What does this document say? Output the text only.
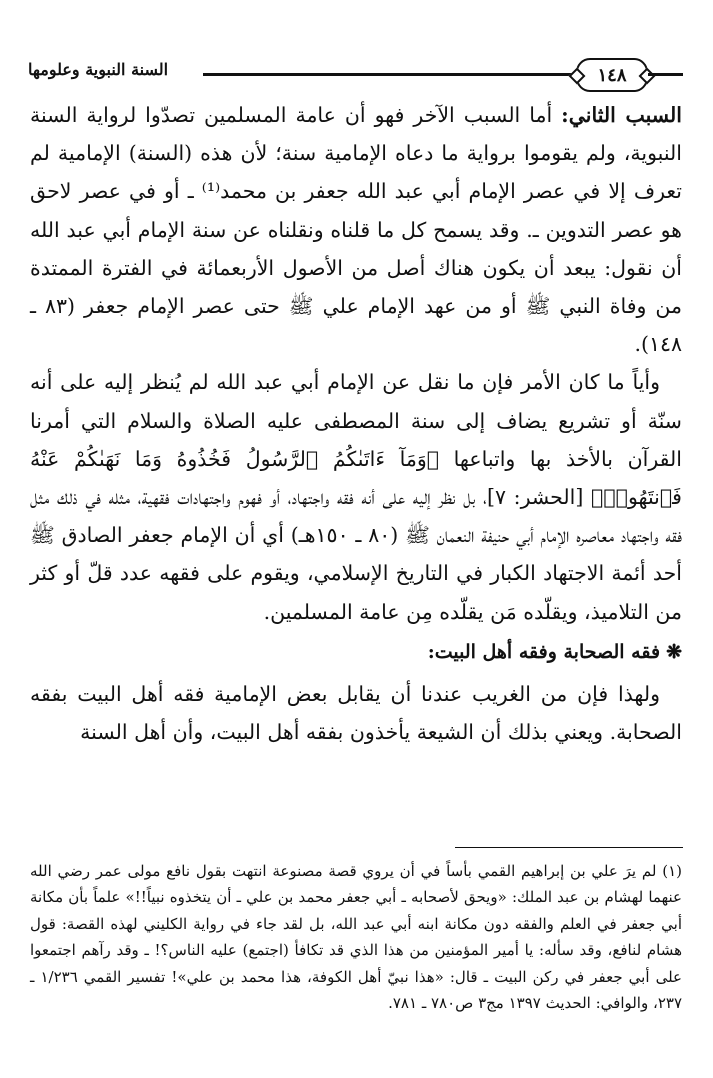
السنة النبوية وعلومها	١٤٨

السبب الثاني: أما السبب الآخر فهو أن عامة المسلمين تصدّوا لرواية السنة النبوية، ولم يقوموا برواية ما دعاه الإمامية سنة؛ لأن هذه (السنة) الإمامية لم تعرف إلا في عصر الإمام أبي عبد الله جعفر بن محمد⁽¹⁾ ـ أو في عصر لاحق هو عصر التدوين ـ. وقد يسمح كل ما قلناه ونقلناه عن سنة الإمام أبي عبد الله أن نقول: يبعد أن يكون هناك أصل من الأصول الأربعمائة في الفترة الممتدة من وفاة النبي ﷺ أو من عهد الإمام علي ﷺ حتى عصر الإمام جعفر (٨٣ ـ ١٤٨).

وأياً ما كان الأمر فإن ما نقل عن الإمام أبي عبد الله لم يُنظر إليه على أنه سنّة أو تشريع يضاف إلى سنة المصطفى عليه الصلاة والسلام التي أمرنا القرآن بالأخذ بها واتباعها ﴿وَمَآ ءَاتَىٰكُمُ ٱلرَّسُولُ فَخُذُوهُ وَمَا نَهَىٰكُمْ عَنْهُ فَٱنتَهُوا۟﴾ [الحشر: ٧]، بل نظر إليه على أنه فقه واجتهاد، أو فهوم واجتهادات فقهية، مثله في ذلك مثل فقه واجتهاد معاصره الإمام أبي حنيفة النعمان ﷺ (٨٠ ـ ١٥٠هـ) أي أن الإمام جعفر الصادق ﷺ أحد أئمة الاجتهاد الكبار في التاريخ الإسلامي، ويقوم على فقهه عدد قلّ أو كثر من التلاميذ، ويقلّده مَن يقلّده مِن عامة المسلمين.

❋فقه الصحابة وفقه أهل البيت:

ولهذا فإن من الغريب عندنا أن يقابل بعض الإمامية فقه أهل البيت بفقه الصحابة. ويعني بذلك أن الشيعة يأخذون بفقه أهل البيت، وأن أهل السنة

(١) لم يرَ علي بن إبراهيم القمي بأساً في أن يروي قصة مصنوعة انتهت بقول نافع مولى عمر رضي الله عنهما لهشام بن عبد الملك: «ويحق لأصحابه ـ أبي جعفر محمد بن علي ـ أن يتخذوه نبياً!!» علماً بأن مكانة أبي جعفر في العلم والفقه دون مكانة ابنه أبي عبد الله، بل لقد جاء في رواية الكليني لهذه القصة: قول هشام لنافع، وقد سأله: يا أمير المؤمنين من هذا الذي قد تكافأ (اجتمع) عليه الناس؟! ـ وقد رآهم اجتمعوا على أبي جعفر في ركن البيت ـ قال: «هذا نبيّ أهل الكوفة، هذا محمد بن علي»! تفسير القمي ١/٢٣٦ ـ ٢٣٧، والوافي: الحديث ١٣٩٧ مج٣ ص٧٨٠ ـ ٧٨١.
